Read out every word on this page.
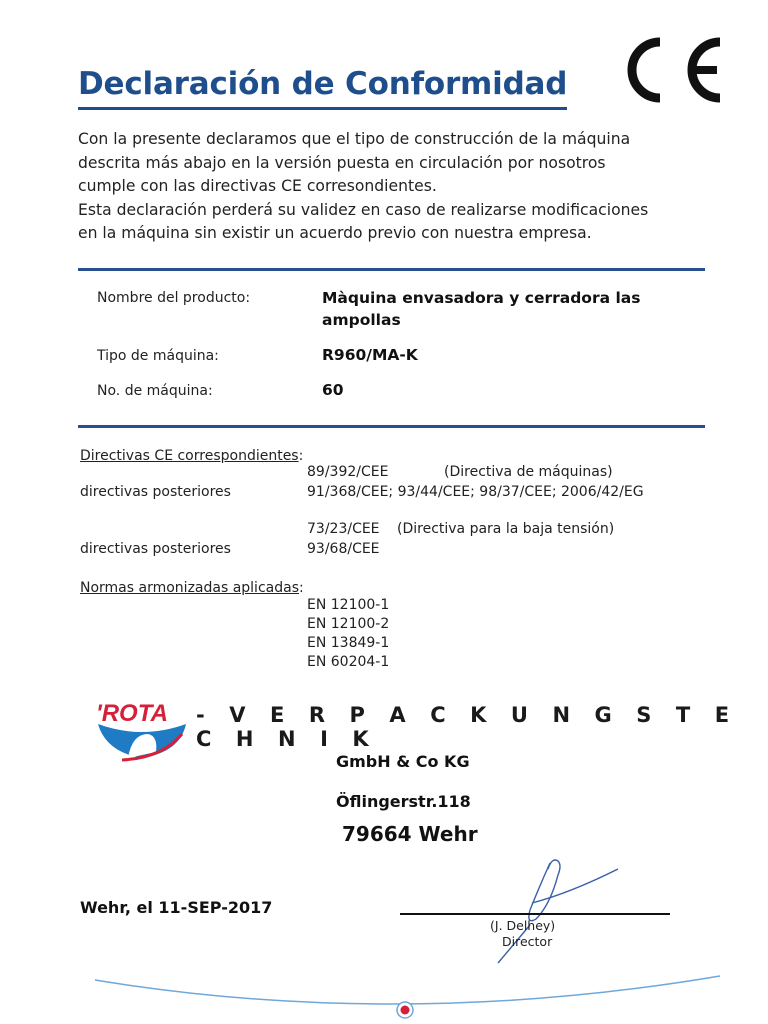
Declaración de Conformidad

Con la presente declaramos que el tipo de construcción de la máquina

descrita más abajo en la versión puesta en circulación por nosotros

cumple con las directivas CE corresondientes.

Esta declaración perderá su validez en caso de realizarse modificaciones

en la máquina sin existir un acuerdo previo con nuestra empresa.

Nombre del producto:	Màquina envasadora y cerradora las
ampollas
Tipo de máquina:	R960/MA-K
No. de máquina:	60
Directivas CE correspondientes:
89/392/CEE	(Directiva de máquinas)
directivas posteriores	91/368/CEE; 93/44/CEE; 98/37/CEE; 2006/42/EG
73/23/CEE (Directiva para la baja tensión)
directivas posteriores	93/68/CEE
Normas armonizadas aplicadas:
EN 12100-1
EN 12100-2
EN 13849-1
EN 60204-1
'ROTA - V E R P A C K U N G S T E C H N I K
GmbH & Co KG
Öflingerstr.118
79664 Wehr
Wehr, el 11-SEP-2017
(J. Delhey)
Director
